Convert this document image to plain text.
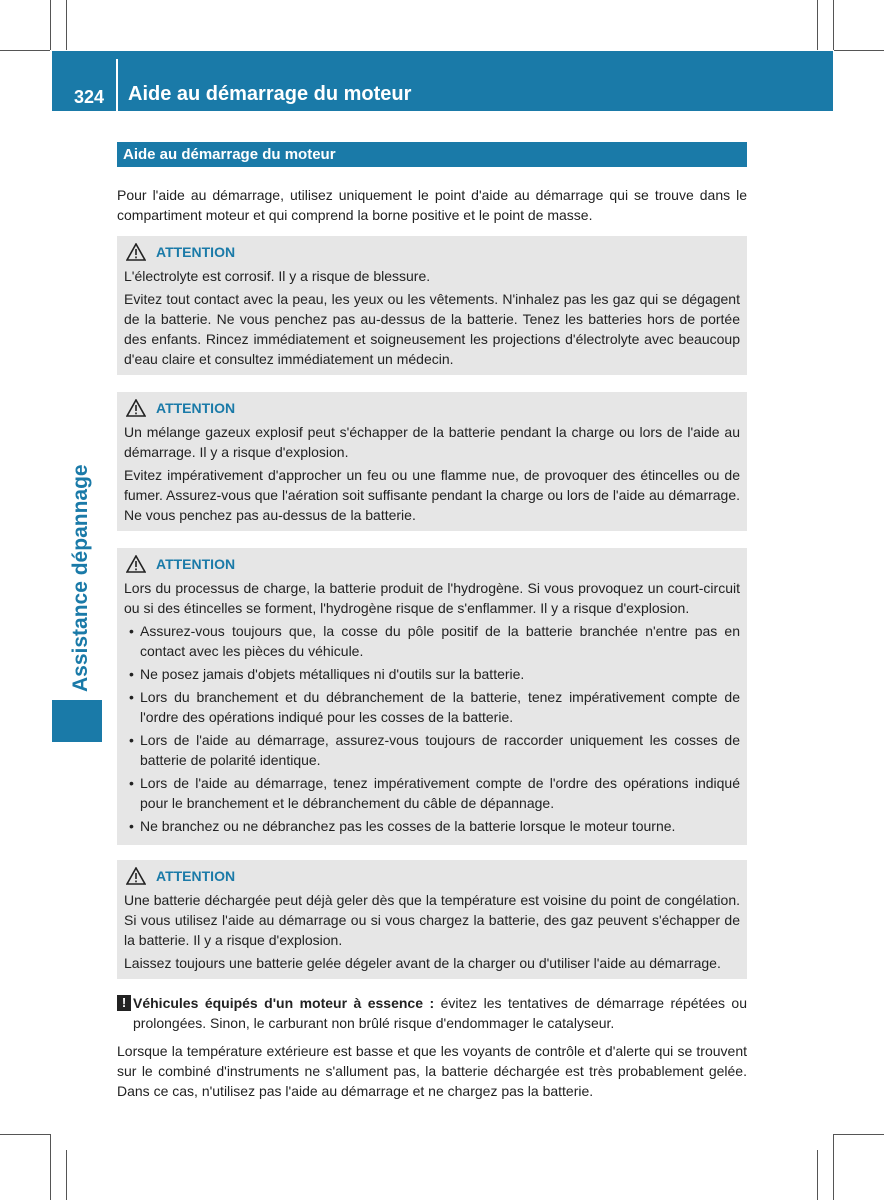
324 Aide au démarrage du moteur
Assistance dépannage
Aide au démarrage du moteur

Pour l'aide au démarrage, utilisez uniquement le point d'aide au démarrage qui se trouve dans le compartiment moteur et qui comprend la borne positive et le point de masse.

ATTENTION

L'électrolyte est corrosif. Il y a risque de blessure.

Evitez tout contact avec la peau, les yeux ou les vêtements. N'inhalez pas les gaz qui se dégagent de la batterie. Ne vous penchez pas au-dessus de la batterie. Tenez les batteries hors de portée des enfants. Rincez immédiatement et soigneusement les projections d'électrolyte avec beaucoup d'eau claire et consultez immédiatement un médecin.

ATTENTION

Un mélange gazeux explosif peut s'échapper de la batterie pendant la charge ou lors de l'aide au démarrage. Il y a risque d'explosion.

Evitez impérativement d'approcher un feu ou une flamme nue, de provoquer des étincelles ou de fumer. Assurez-vous que l'aération soit suffisante pendant la charge ou lors de l'aide au démarrage. Ne vous penchez pas au-dessus de la batterie.

ATTENTION

Lors du processus de charge, la batterie produit de l'hydrogène. Si vous provoquez un court-circuit ou si des étincelles se forment, l'hydrogène risque de s'enflammer. Il y a risque d'explosion.

• Assurez-vous toujours que, la cosse du pôle positif de la batterie branchée n'entre pas en contact avec les pièces du véhicule.
• Ne posez jamais d'objets métalliques ni d'outils sur la batterie.
• Lors du branchement et du débranchement de la batterie, tenez impérativement compte de l'ordre des opérations indiqué pour les cosses de la batterie.
• Lors de l'aide au démarrage, assurez-vous toujours de raccorder uniquement les cosses de batterie de polarité identique.
• Lors de l'aide au démarrage, tenez impérativement compte de l'ordre des opérations indiqué pour le branchement et le débranchement du câble de dépannage.
• Ne branchez ou ne débranchez pas les cosses de la batterie lorsque le moteur tourne.
ATTENTION

Une batterie déchargée peut déjà geler dès que la température est voisine du point de congélation. Si vous utilisez l'aide au démarrage ou si vous chargez la batterie, des gaz peuvent s'échapper de la batterie. Il y a risque d'explosion.

Laissez toujours une batterie gelée dégeler avant de la charger ou d'utiliser l'aide au démarrage.

! Véhicules équipés d'un moteur à essence : évitez les tentatives de démarrage répétées ou prolongées. Sinon, le carburant non brûlé risque d'endommager le catalyseur.

Lorsque la température extérieure est basse et que les voyants de contrôle et d'alerte qui se trouvent sur le combiné d'instruments ne s'allument pas, la batterie déchargée est très probablement gelée. Dans ce cas, n'utilisez pas l'aide au démarrage et ne chargez pas la batterie.
